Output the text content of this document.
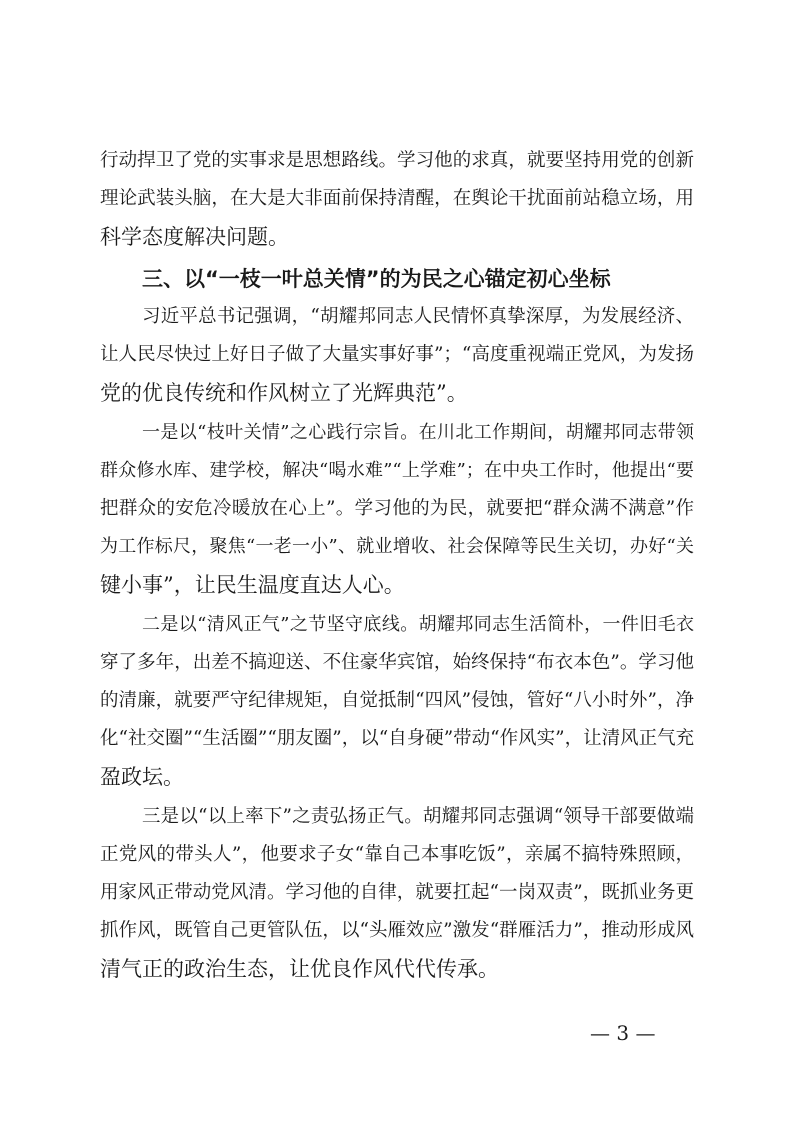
行动捍卫了党的实事求是思想路线。学习他的求真，就要坚持用党的创新
理论武装头脑，在大是大非面前保持清醒，在舆论干扰面前站稳立场，用
科学态度解决问题。
三、以“一枝一叶总关情”的为民之心锚定初心坐标
习近平总书记强调，“胡耀邦同志人民情怀真挚深厚，为发展经济、
让人民尽快过上好日子做了大量实事好事”；“高度重视端正党风，为发扬
党的优良传统和作风树立了光辉典范”。
一是以“枝叶关情”之心践行宗旨。在川北工作期间，胡耀邦同志带领
群众修水库、建学校，解决“喝水难”“上学难”；在中央工作时，他提出“要
把群众的安危冷暖放在心上”。学习他的为民，就要把“群众满不满意”作
为工作标尺，聚焦“一老一小”、就业增收、社会保障等民生关切，办好“关
键小事”，让民生温度直达人心。
二是以“清风正气”之节坚守底线。胡耀邦同志生活简朴，一件旧毛衣
穿了多年，出差不搞迎送、不住豪华宾馆，始终保持“布衣本色”。学习他
的清廉，就要严守纪律规矩，自觉抵制“四风”侵蚀，管好“八小时外”，净
化“社交圈”“生活圈”“朋友圈”，以“自身硬”带动“作风实”，让清风正气充
盈政坛。
三是以“以上率下”之责弘扬正气。胡耀邦同志强调“领导干部要做端
正党风的带头人”，他要求子女“靠自己本事吃饭”，亲属不搞特殊照顾，
用家风正带动党风清。学习他的自律，就要扛起“一岗双责”，既抓业务更
抓作风，既管自己更管队伍，以“头雁效应”激发“群雁活力”，推动形成风
清气正的政治生态，让优良作风代代传承。
— 3 —
